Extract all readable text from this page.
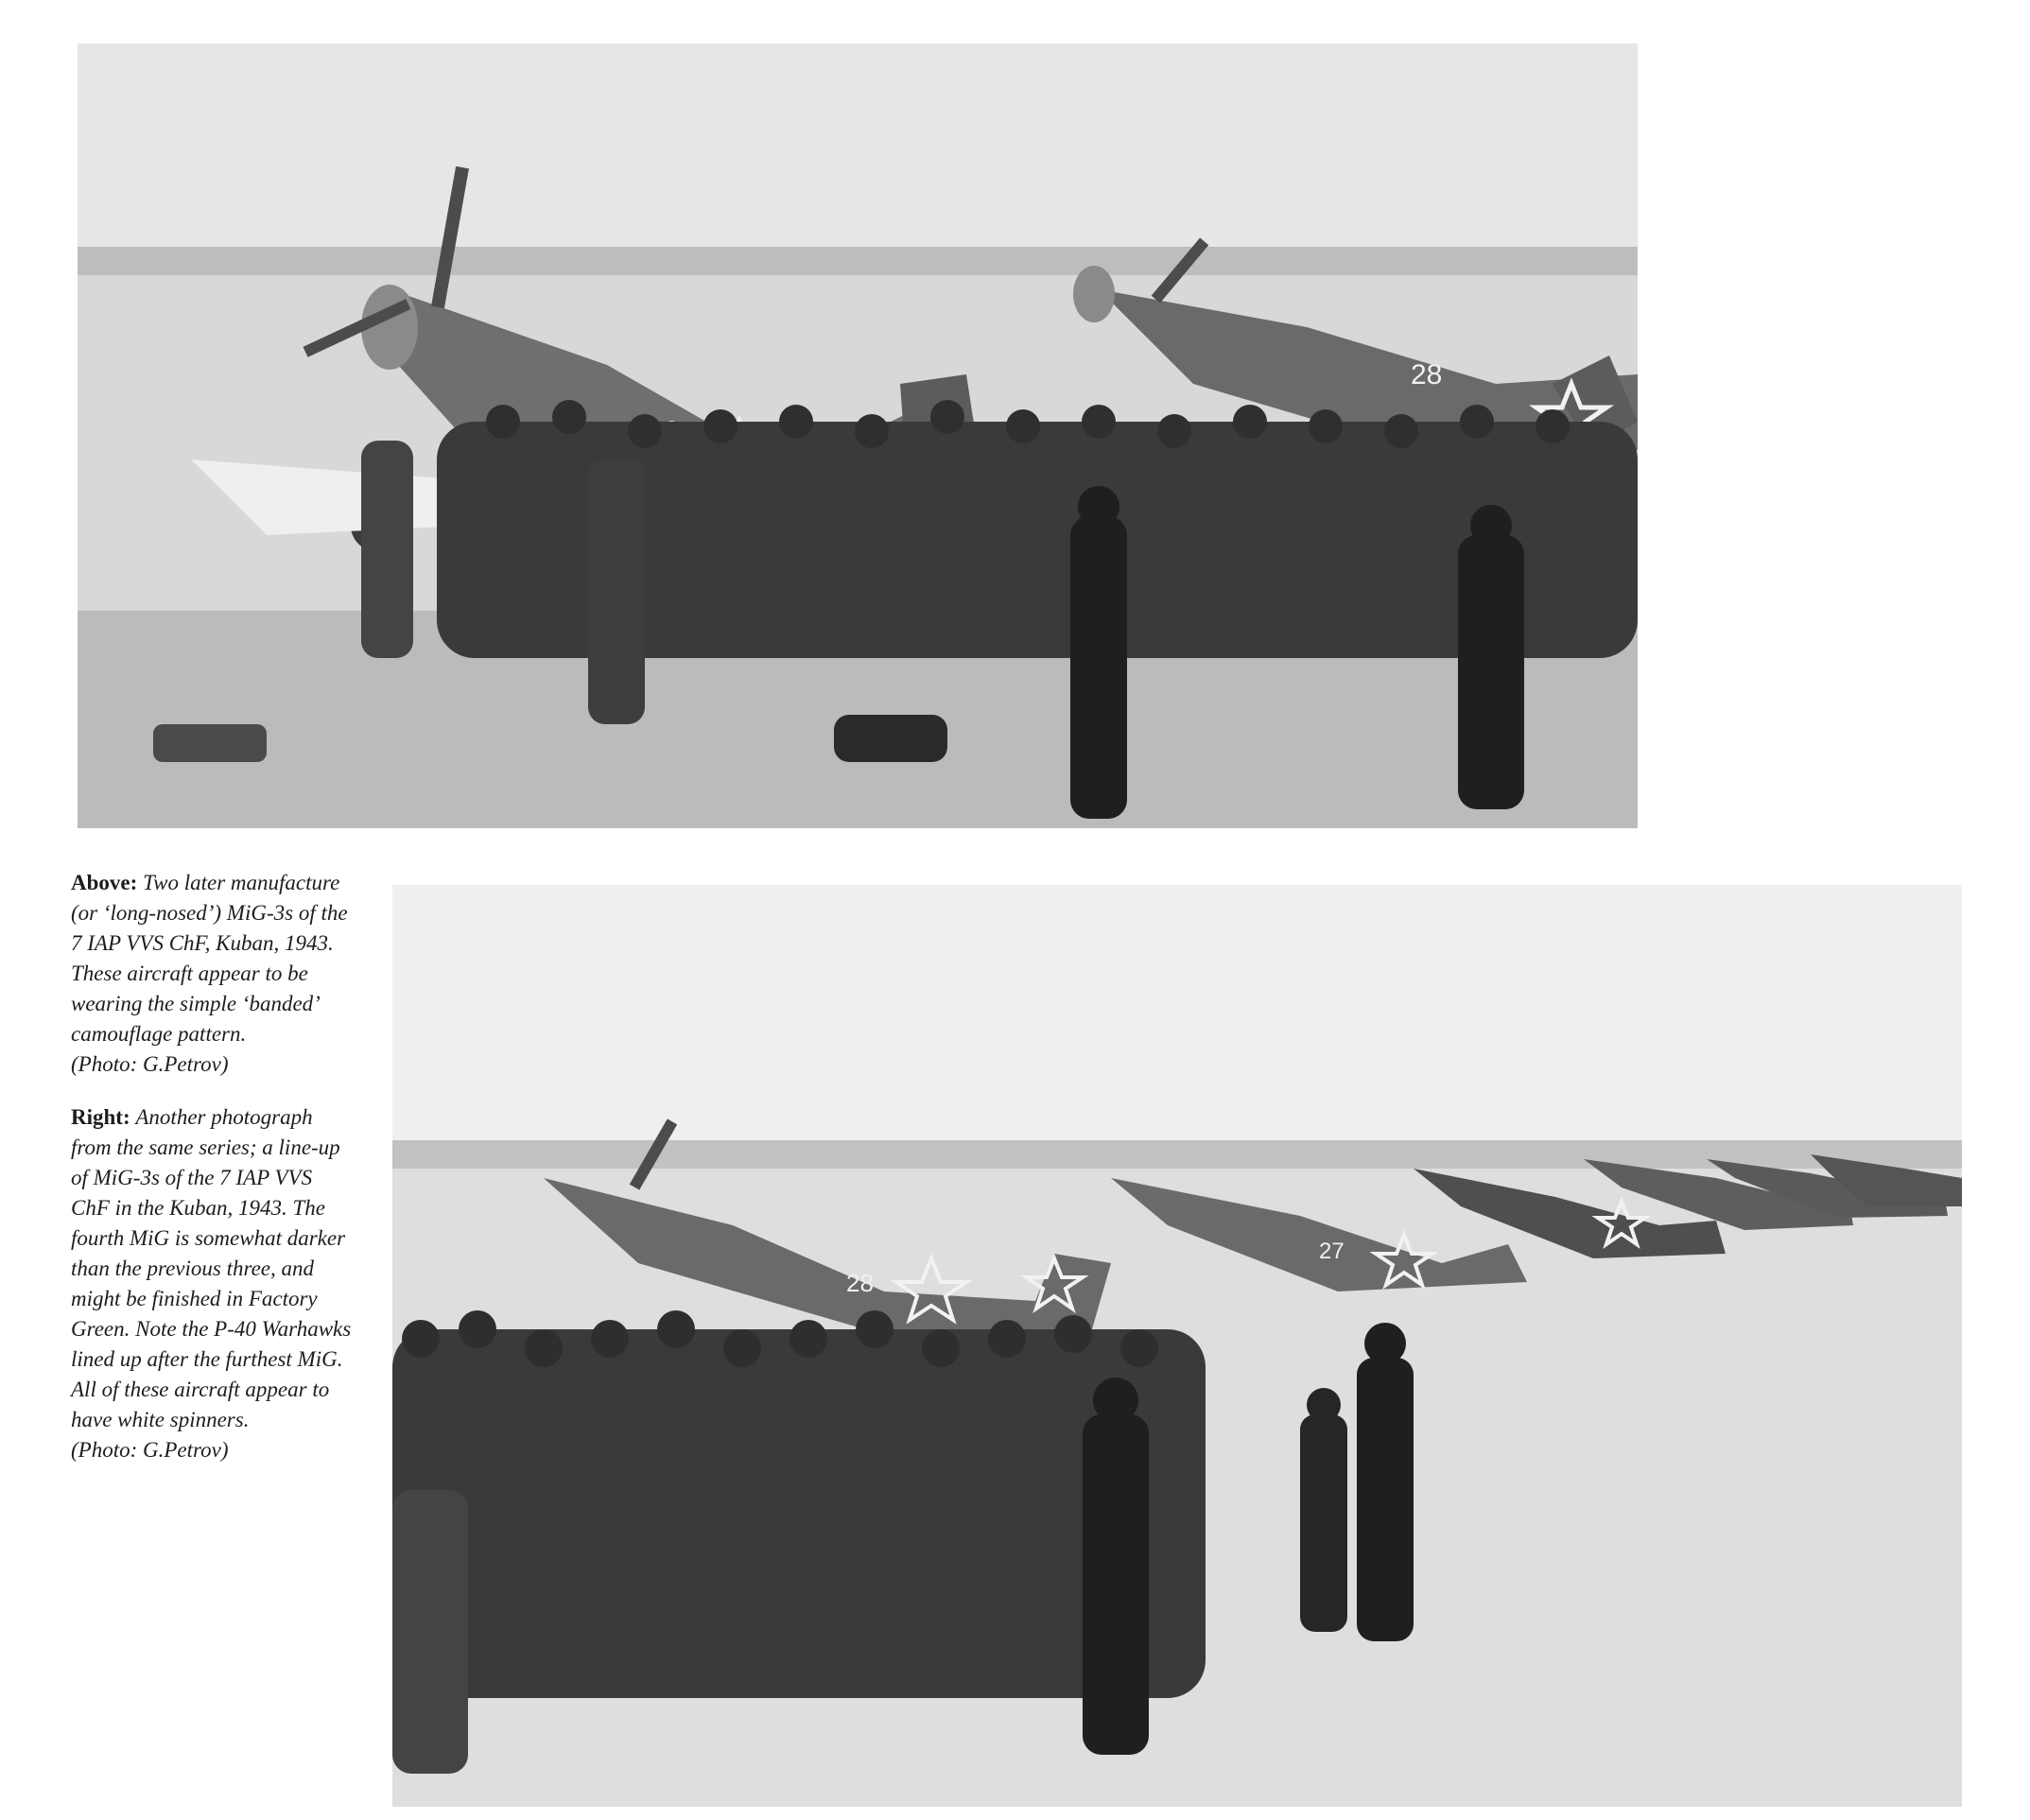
28

Above: Two later manufacture (or ‘long-nosed’) MiG-3s of the 7 IAP VVS ChF, Kuban, 1943. These aircraft appear to be wearing the simple ‘banded’ camouflage pattern.
(Photo: G.Petrov)

Right: Another photograph from the same series; a line-up of MiG-3s of the 7 IAP VVS ChF in the Kuban, 1943. The fourth MiG is somewhat darker than the previous three, and might be finished in Factory Green. Note the P-40 Warhawks lined up after the furthest MiG. All of these aircraft appear to have white spinners.
(Photo: G.Petrov)

28
27
